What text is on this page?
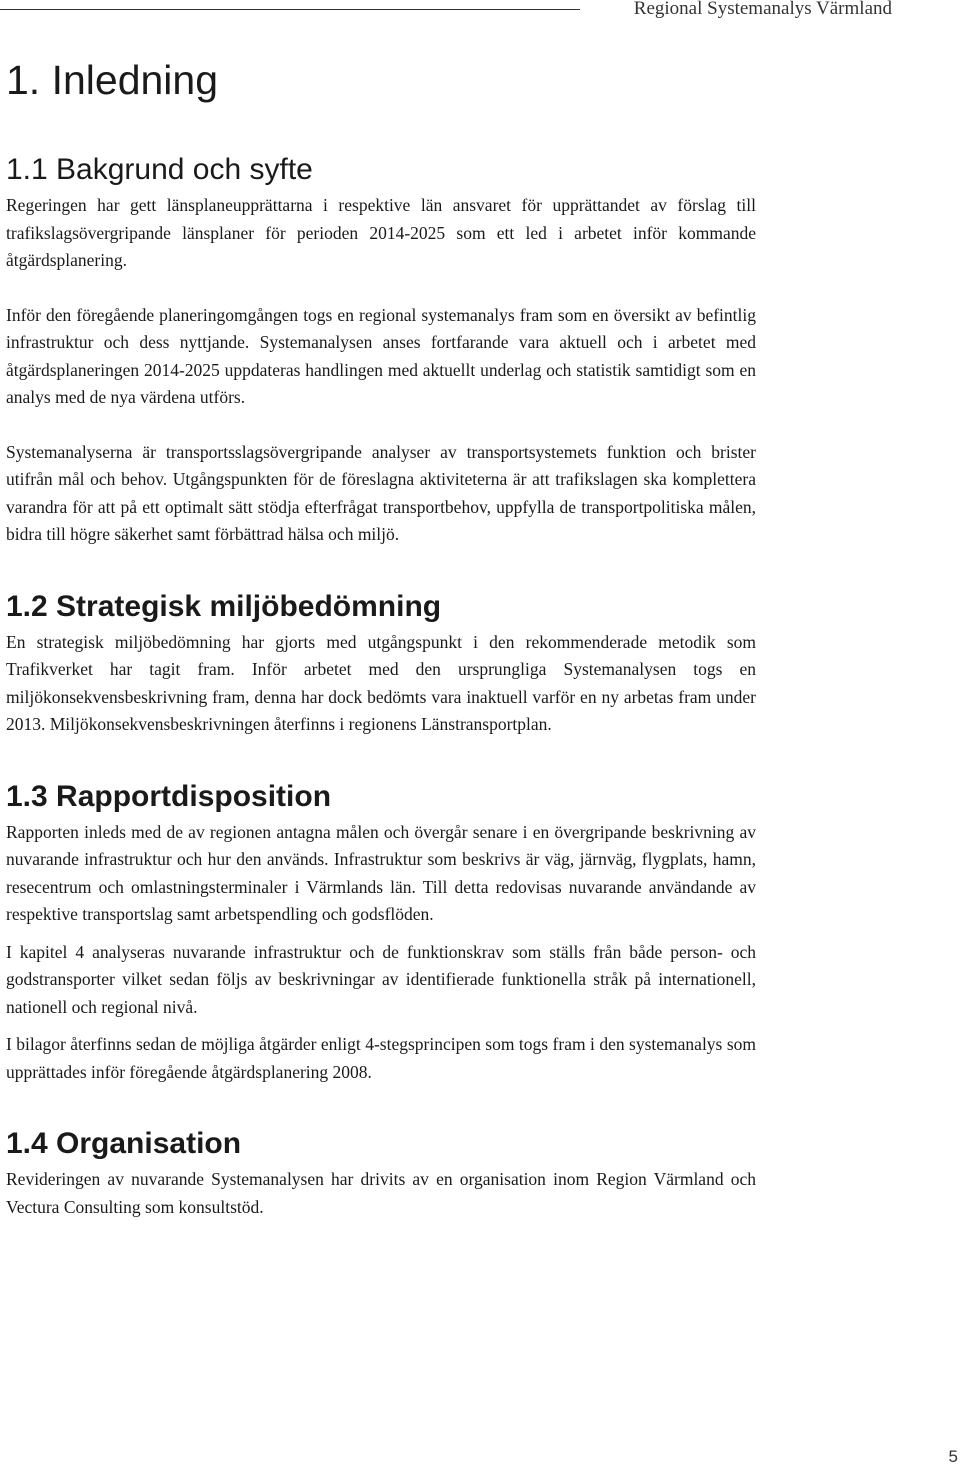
Regional Systemanalys Värmland
1. Inledning
1.1 Bakgrund och syfte

Regeringen har gett länsplaneupprättarna i respektive län ansvaret för upprättandet av förslag till trafikslagsövergripande länsplaner för perioden 2014-2025 som ett led i arbetet inför kommande åtgärdsplanering.

Inför den föregående planeringomgången togs en regional systemanalys fram som en översikt av befintlig infrastruktur och dess nyttjande. Systemanalysen anses fortfarande vara aktuell och i arbetet med åtgärdsplaneringen 2014-2025 uppdateras handlingen med aktuellt underlag och statistik samtidigt som en analys med de nya värdena utförs.

Systemanalyserna är transportsslagsövergripande analyser av transportsystemets funktion och brister utifrån mål och behov. Utgångspunkten för de föreslagna aktiviteterna är att trafikslagen ska komplettera varandra för att på ett optimalt sätt stödja efterfrågat transportbehov, uppfylla de transportpolitiska målen, bidra till högre säkerhet samt förbättrad hälsa och miljö.

1.2 Strategisk miljöbedömning

En strategisk miljöbedömning har gjorts med utgångspunkt i den rekommenderade metodik som Trafikverket har tagit fram. Inför arbetet med den ursprungliga Systemanalysen togs en miljökonsekvensbeskrivning fram, denna har dock bedömts vara inaktuell varför en ny arbetas fram under 2013. Miljökonsekvensbeskrivningen återfinns i regionens Länstransportplan.

1.3 Rapportdisposition

Rapporten inleds med de av regionen antagna målen och övergår senare i en övergripande beskrivning av nuvarande infrastruktur och hur den används. Infrastruktur som beskrivs är väg, järnväg, flygplats, hamn, resecentrum och omlastningsterminaler i Värmlands län. Till detta redovisas nuvarande användande av respektive transportslag samt arbetspendling och godsflöden.

I kapitel 4 analyseras nuvarande infrastruktur och de funktionskrav som ställs från både person- och godstransporter vilket sedan följs av beskrivningar av identifierade funktionella stråk på internationell, nationell och regional nivå.

I bilagor återfinns sedan de möjliga åtgärder enligt 4-stegsprincipen som togs fram i den systemanalys som upprättades inför föregående åtgärdsplanering 2008.

1.4 Organisation

Revideringen av nuvarande Systemanalysen har drivits av en organisation inom Region Värmland och Vectura Consulting som konsultstöd.

5
